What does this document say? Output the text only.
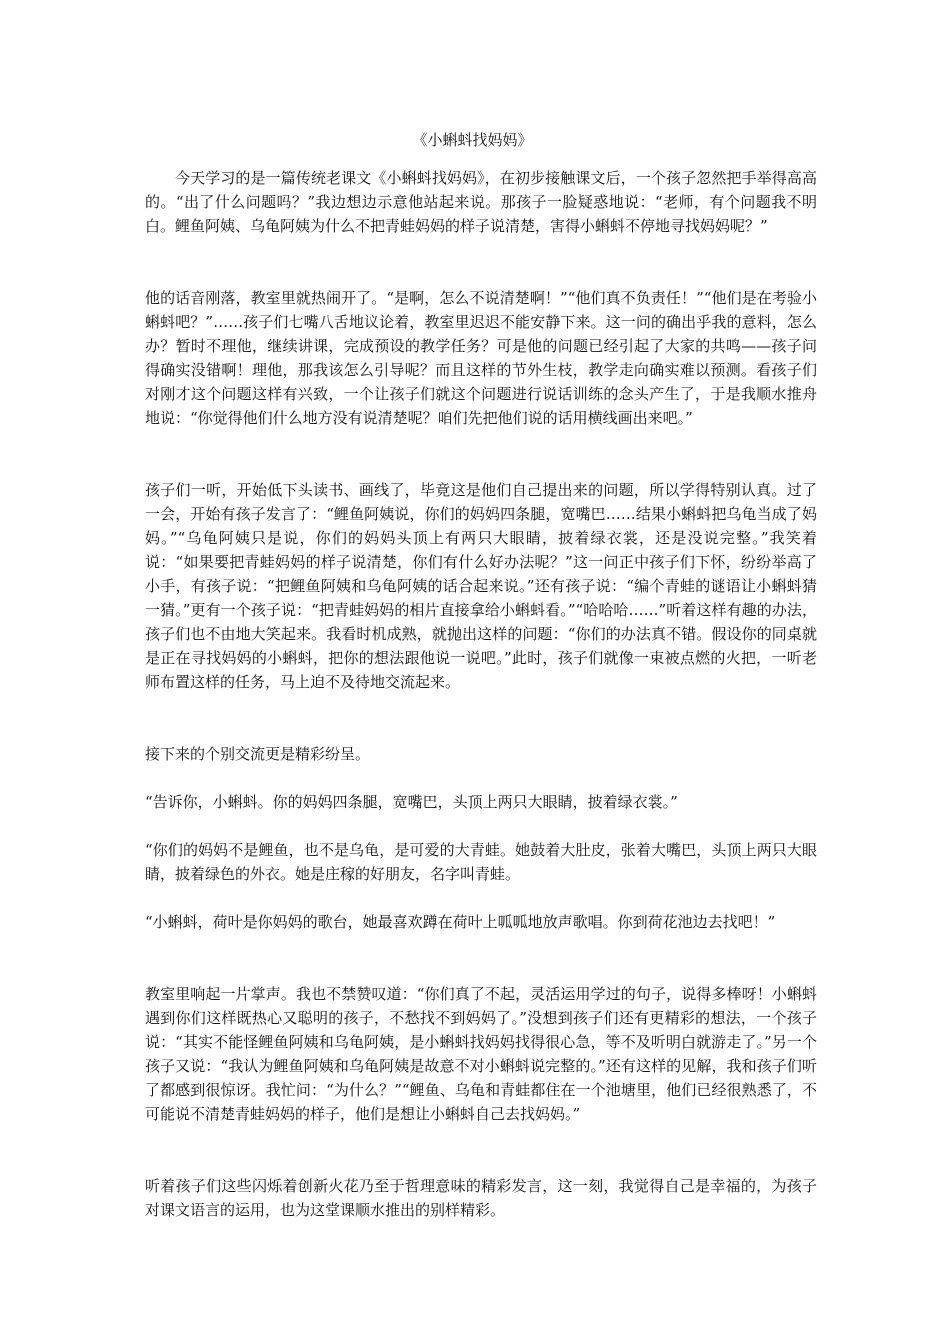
《小蝌蚪找妈妈》

今天学习的是一篇传统老课文《小蝌蚪找妈妈》，在初步接触课文后，一个孩子忽然把手举得高高的。“出了什么问题吗？”我边想边示意他站起来说。那孩子一脸疑惑地说：“老师，有个问题我不明白。鲤鱼阿姨、乌龟阿姨为什么不把青蛙妈妈的样子说清楚，害得小蝌蚪不停地寻找妈妈呢？”

他的话音刚落，教室里就热闹开了。“是啊，怎么不说清楚啊！”“他们真不负责任！”“他们是在考验小蝌蚪吧？”……孩子们七嘴八舌地议论着，教室里迟迟不能安静下来。这一问的确出乎我的意料，怎么办？暂时不理他，继续讲课，完成预设的教学任务？可是他的问题已经引起了大家的共鸣——孩子问得确实没错啊！理他，那我该怎么引导呢？而且这样的节外生枝，教学走向确实难以预测。看孩子们对刚才这个问题这样有兴致，一个让孩子们就这个问题进行说话训练的念头产生了，于是我顺水推舟地说：“你觉得他们什么地方没有说清楚呢？咱们先把他们说的话用横线画出来吧。”

孩子们一听，开始低下头读书、画线了，毕竟这是他们自己提出来的问题，所以学得特别认真。过了一会，开始有孩子发言了：“鲤鱼阿姨说，你们的妈妈四条腿，宽嘴巴……结果小蝌蚪把乌龟当成了妈妈。”“乌龟阿姨只是说，你们的妈妈头顶上有两只大眼睛，披着绿衣裳，还是没说完整。”我笑着说：“如果要把青蛙妈妈的样子说清楚，你们有什么好办法呢？”这一问正中孩子们下怀，纷纷举高了小手，有孩子说：“把鲤鱼阿姨和乌龟阿姨的话合起来说。”还有孩子说：“编个青蛙的谜语让小蝌蚪猜一猜。”更有一个孩子说：“把青蛙妈妈的相片直接拿给小蝌蚪看。”“哈哈哈……”听着这样有趣的办法，孩子们也不由地大笑起来。我看时机成熟，就抛出这样的问题：“你们的办法真不错。假设你的同桌就是正在寻找妈妈的小蝌蚪，把你的想法跟他说一说吧。”此时，孩子们就像一束被点燃的火把，一听老师布置这样的任务，马上迫不及待地交流起来。

接下来的个别交流更是精彩纷呈。

“告诉你，小蝌蚪。你的妈妈四条腿，宽嘴巴，头顶上两只大眼睛，披着绿衣裳。”

“你们的妈妈不是鲤鱼，也不是乌龟，是可爱的大青蛙。她鼓着大肚皮，张着大嘴巴，头顶上两只大眼睛，披着绿色的外衣。她是庄稼的好朋友，名字叫青蛙。

“小蝌蚪，荷叶是你妈妈的歌台，她最喜欢蹲在荷叶上呱呱地放声歌唱。你到荷花池边去找吧！”

教室里响起一片掌声。我也不禁赞叹道：“你们真了不起，灵活运用学过的句子，说得多棒呀！小蝌蚪遇到你们这样既热心又聪明的孩子，不愁找不到妈妈了。”没想到孩子们还有更精彩的想法，一个孩子说：“其实不能怪鲤鱼阿姨和乌龟阿姨，是小蝌蚪找妈妈找得很心急，等不及听明白就游走了。”另一个孩子又说：“我认为鲤鱼阿姨和乌龟阿姨是故意不对小蝌蚪说完整的。”还有这样的见解，我和孩子们听了都感到很惊讶。我忙问：“为什么？”“鲤鱼、乌龟和青蛙都住在一个池塘里，他们已经很熟悉了，不可能说不清楚青蛙妈妈的样子，他们是想让小蝌蚪自己去找妈妈。”

听着孩子们这些闪烁着创新火花乃至于哲理意味的精彩发言，这一刻，我觉得自己是幸福的，为孩子对课文语言的运用，也为这堂课顺水推出的别样精彩。
